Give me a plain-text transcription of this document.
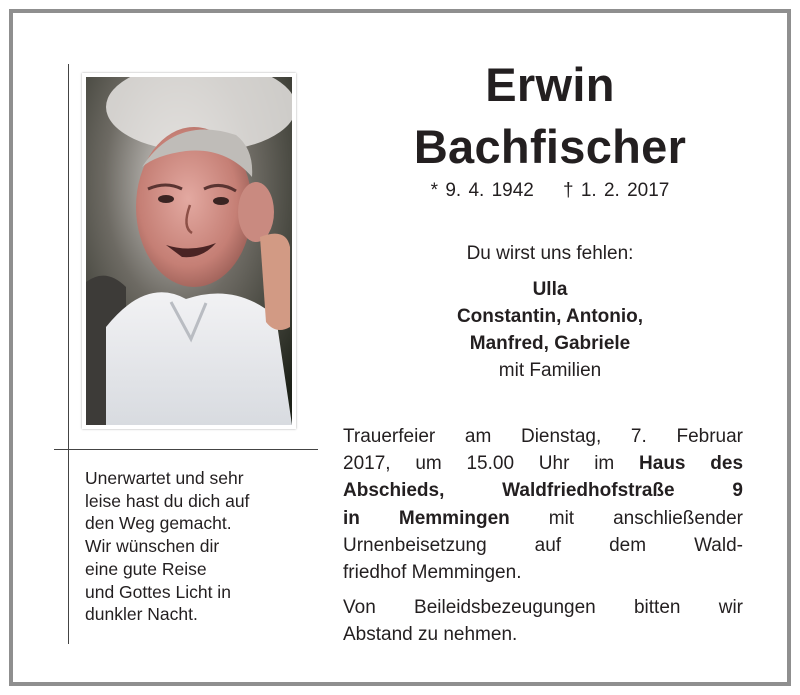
Unerwartet und sehr
leise hast du dich auf
den Weg gemacht.
Wir wünschen dir
eine gute Reise
und Gottes Licht in
dunkler Nacht.
Erwin
Bachfischer
* 9. 4. 1942 † 1. 2. 2017
Du wirst uns fehlen:
Ulla
Constantin, Antonio,
Manfred, Gabriele
mit Familien
Trauerfeier am Dienstag, 7. Februar
2017, um 15.00 Uhr im Haus des
Abschieds, Waldfriedhofstraße 9
in Memmingen mit anschließender
Urnenbeisetzung auf dem Wald-
friedhof Memmingen.
Von Beileidsbezeugungen bitten wir
Abstand zu nehmen.
